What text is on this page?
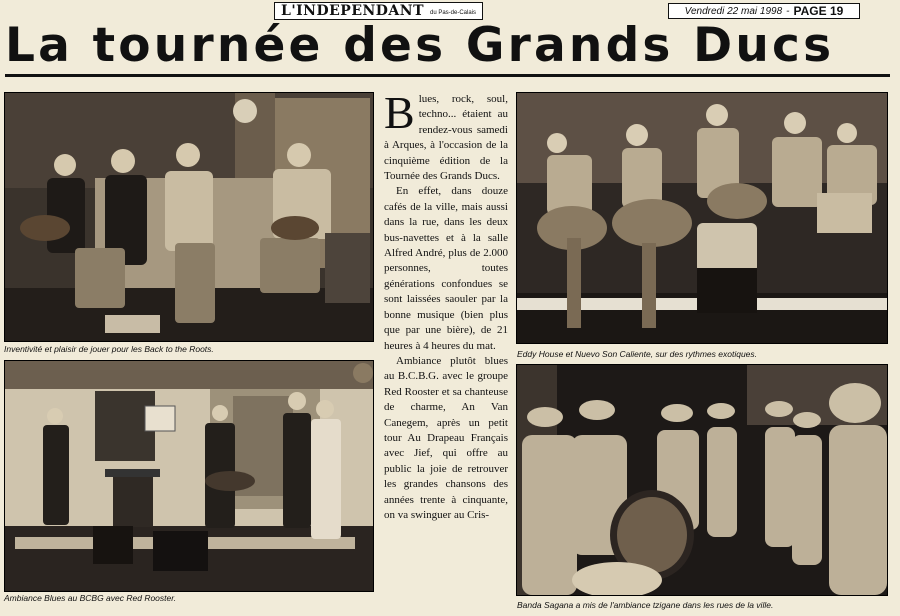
L'INDEPENDANT du Pas-de-Calais	Vendredi 22 mai 1998 - PAGE 19
La tournée des Grands Ducs
Inventivité et plaisir de jouer pour les Back to the Roots.
Ambiance Blues au BCBG avec Red Rooster.
B lues, rock, soul, techno... étaient au rendez-vous samedi à Arques, à l'occasion de la cinquième édition de la Tournée des Grands Ducs.

En effet, dans douze cafés de la ville, mais aussi dans la rue, dans les deux bus-navettes et à la salle Alfred André, plus de 2.000 personnes, toutes générations confondues se sont laissées saouler par la bonne musique (bien plus que par une bière), de 21 heures à 4 heures du mat.

Ambiance plutôt blues au B.C.B.G. avec le groupe Red Rooster et sa chanteuse de charme, An Van Canegem, après un petit tour Au Drapeau Français avec Jief, qui offre au public la joie de retrouver les grandes chansons des années trente à cinquante, on va swinguer au Cris-

Eddy House et Nuevo Son Caliente, sur des rythmes exotiques.
Banda Sagana a mis de l'ambiance tzigane dans les rues de la ville.
